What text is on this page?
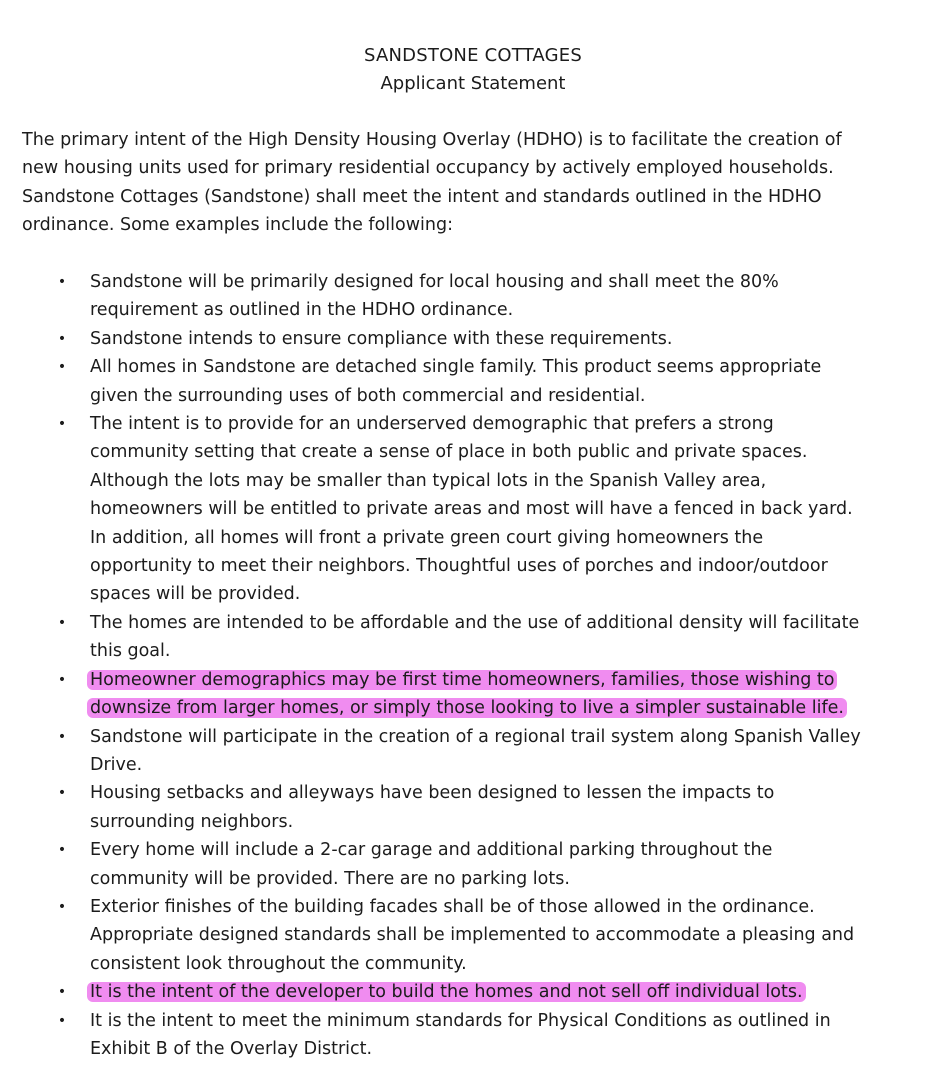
SANDSTONE COTTAGES
Applicant Statement
The primary intent of the High Density Housing Overlay (HDHO) is to facilitate the creation of
new housing units used for primary residential occupancy by actively employed households.
Sandstone Cottages (Sandstone) shall meet the intent and standards outlined in the HDHO
ordinance. Some examples include the following:
•
Sandstone will be primarily designed for local housing and shall meet the 80%
requirement as outlined in the HDHO ordinance.
•
Sandstone intends to ensure compliance with these requirements.
•
All homes in Sandstone are detached single family. This product seems appropriate
given the surrounding uses of both commercial and residential.
•
The intent is to provide for an underserved demographic that prefers a strong
community setting that create a sense of place in both public and private spaces.
Although the lots may be smaller than typical lots in the Spanish Valley area,
homeowners will be entitled to private areas and most will have a fenced in back yard.
In addition, all homes will front a private green court giving homeowners the
opportunity to meet their neighbors. Thoughtful uses of porches and indoor/outdoor
spaces will be provided.
•
The homes are intended to be affordable and the use of additional density will facilitate
this goal.
•
Homeowner demographics may be first time homeowners, families, those wishing to
downsize from larger homes, or simply those looking to live a simpler sustainable life.
•
Sandstone will participate in the creation of a regional trail system along Spanish Valley
Drive.
•
Housing setbacks and alleyways have been designed to lessen the impacts to
surrounding neighbors.
•
Every home will include a 2-car garage and additional parking throughout the
community will be provided. There are no parking lots.
•
Exterior finishes of the building facades shall be of those allowed in the ordinance.
Appropriate designed standards shall be implemented to accommodate a pleasing and
consistent look throughout the community.
•
It is the intent of the developer to build the homes and not sell off individual lots.
•
It is the intent to meet the minimum standards for Physical Conditions as outlined in
Exhibit B of the Overlay District.
